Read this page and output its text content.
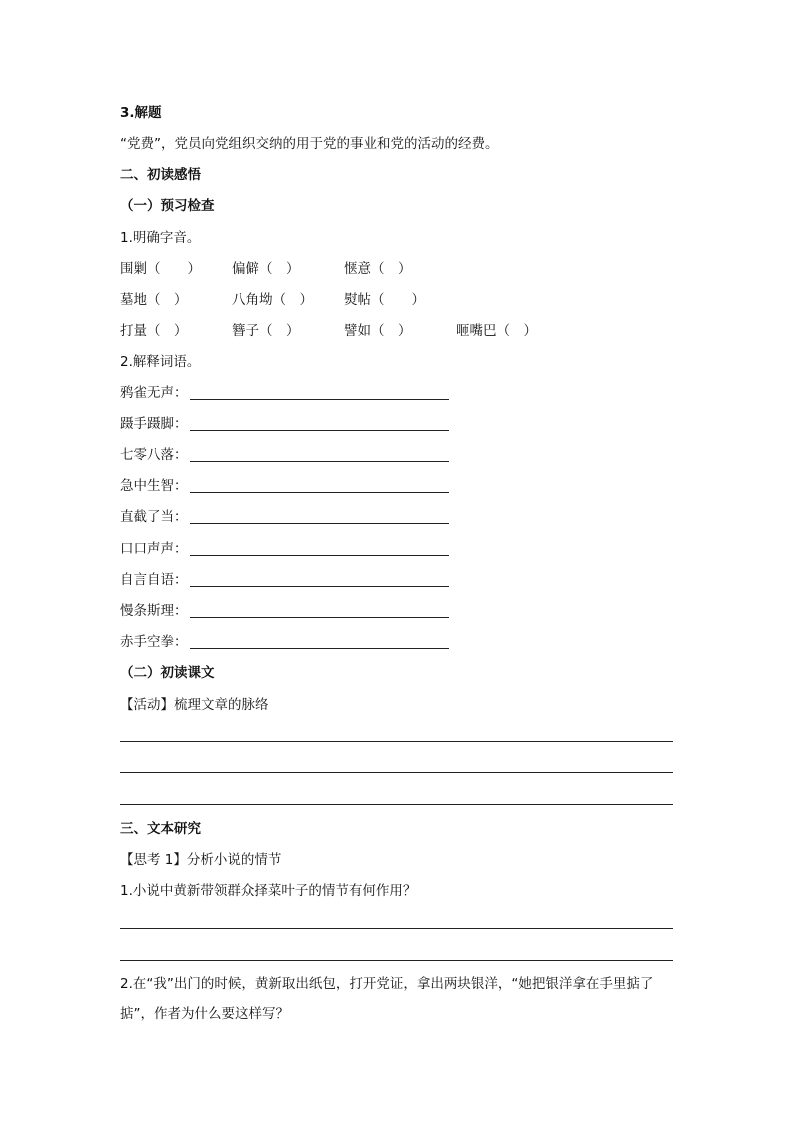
3.解题
“党费”，党员向党组织交纳的用于党的事业和党的活动的经费。
二、初读感悟
（一）预习检查
1.明确字音。
围剿（　　） 偏僻（　）	惬意（　）
墓地（　）	八角坳（　） 熨帖（　　）
打量（　）	簪子（　）	譬如（　）	咂嘴巴（　）
2.解释词语。
鸦雀无声：
蹑手蹑脚：
七零八落：
急中生智：
直截了当：
口口声声：
自言自语：
慢条斯理：
赤手空拳：
（二）初读课文
【活动】梳理文章的脉络
三、文本研究
【思考 1】分析小说的情节
1.小说中黄新带领群众择菜叶子的情节有何作用？
2.在“我”出门的时候，黄新取出纸包，打开党证，拿出两块银洋，“她把银洋拿在手里掂了掂”，作者为什么要这样写？
